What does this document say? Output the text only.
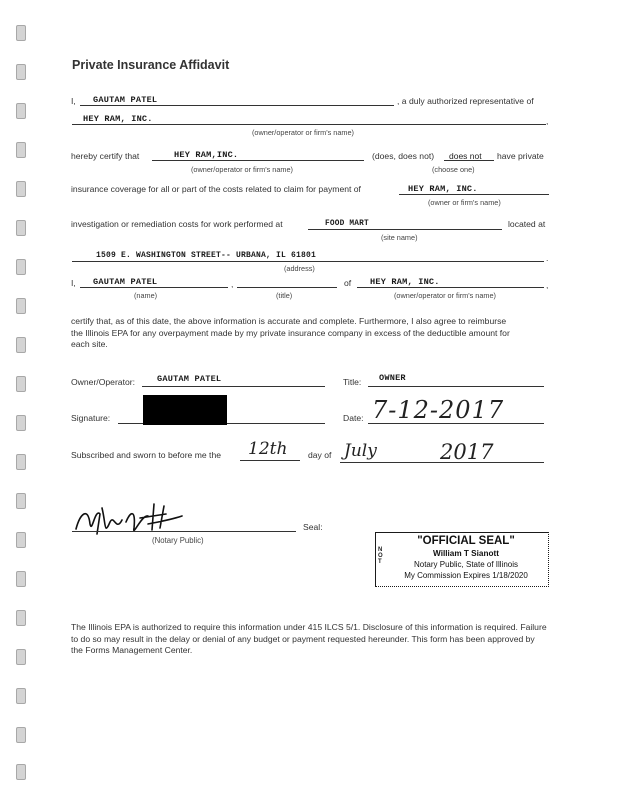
Private Insurance Affidavit
I, GAUTAM PATEL	, a duly authorized representative of
HEY RAM, INC.	,
(owner/operator or firm's name)
hereby certify that	HEY RAM,INC.	(does, does not) does not have private
(owner/operator or firm's name)	(choose one)
insurance coverage for all or part of the costs related to claim for payment of	HEY RAM, INC.
(owner or firm's name)
investigation or remediation costs for work performed at	FOOD MART	located at
(site name)
1509 E. WASHINGTON STREET-- URBANA, IL 61801	.
(address)
I, GAUTAM PATEL	,	of HEY RAM, INC.	,
(name)	(title)	(owner/operator or firm's name)
certify that, as of this date, the above information is accurate and complete. Furthermore, I also agree to reimburse the Illinois EPA for any overpayment made by my private insurance company in excess of the deductible amount for each site.
Owner/Operator:	GAUTAM PATEL	Title: OWNER
Signature:	Date: 7-12-2017
Subscribed and sworn to before me the 12th day of July	2017
(Notary Public)
Seal:
N
O
T
"OFFICIAL SEAL"
William T Sianott
Notary Public, State of Illinois
My Commission Expires 1/18/2020
The Illinois EPA is authorized to require this information under 415 ILCS 5/1. Disclosure of this information is required. Failure to do so may result in the delay or denial of any budget or payment requested hereunder. This form has been approved by the Forms Management Center.
